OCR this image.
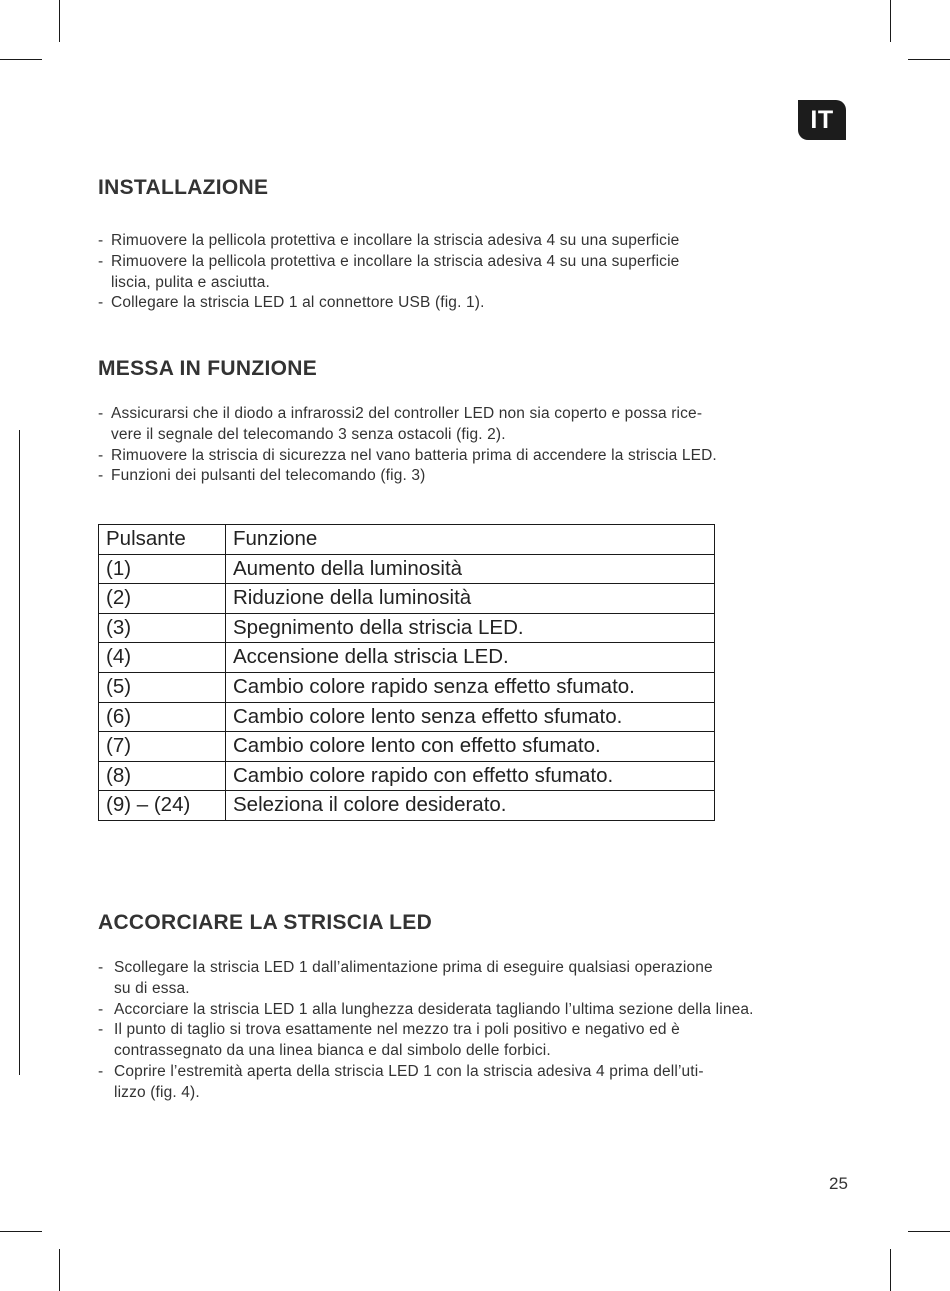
IT
INSTALLAZIONE
- Rimuovere la pellicola protettiva e incollare la striscia adesiva 4 su una superficie
- Rimuovere la pellicola protettiva e incollare la striscia adesiva 4 su una superficie
liscia, pulita e asciutta.
- Collegare la striscia LED 1 al connettore USB (fig. 1).
MESSA IN FUNZIONE
- Assicurarsi che il diodo a infrarossi2 del controller LED non sia coperto e possa rice-
vere il segnale del telecomando 3 senza ostacoli (fig. 2).
- Rimuovere la striscia di sicurezza nel vano batteria prima di accendere la striscia LED.
- Funzioni dei pulsanti del telecomando (fig. 3)
Pulsante	Funzione
(1)	Aumento della luminosità
(2)	Riduzione della luminosità
(3)	Spegnimento della striscia LED.
(4)	Accensione della striscia LED.
(5)	Cambio colore rapido senza effetto sfumato.
(6)	Cambio colore lento senza effetto sfumato.
(7)	Cambio colore lento con effetto sfumato.
(8)	Cambio colore rapido con effetto sfumato.
(9) – (24)	Seleziona il colore desiderato.
ACCORCIARE LA STRISCIA LED
- Scollegare la striscia LED 1 dall’alimentazione prima di eseguire qualsiasi operazione
su di essa.
- Accorciare la striscia LED 1 alla lunghezza desiderata tagliando l’ultima sezione della linea.
- Il punto di taglio si trova esattamente nel mezzo tra i poli positivo e negativo ed è
contrassegnato da una linea bianca e dal simbolo delle forbici.
- Coprire l’estremità aperta della striscia LED 1 con la striscia adesiva 4 prima dell’uti-
lizzo (fig. 4).
25
